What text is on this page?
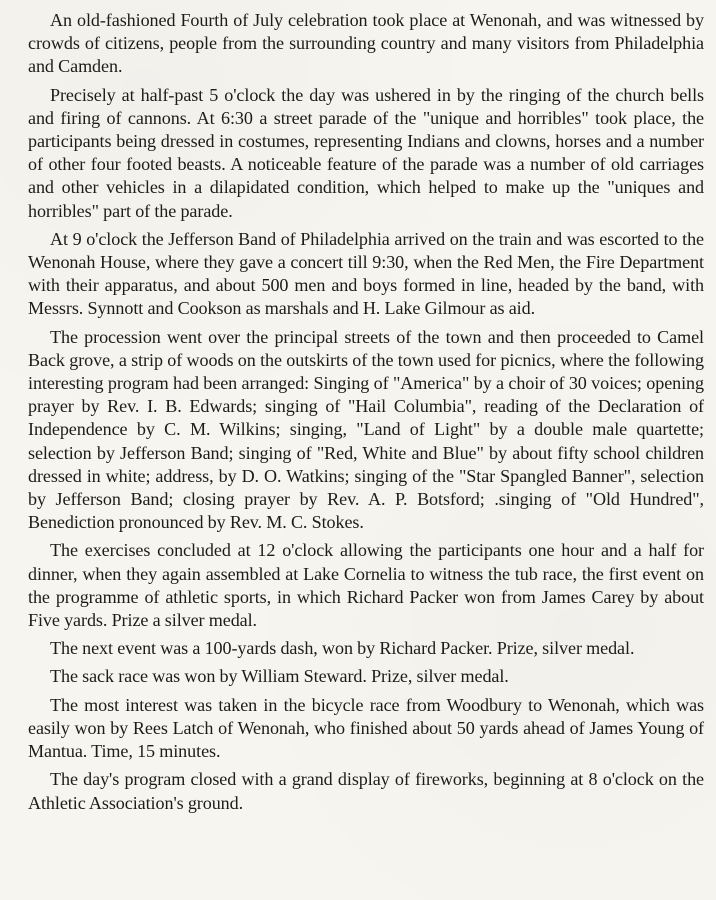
An old-fashioned Fourth of July celebration took place at Wenonah, and was witnessed by crowds of citizens, people from the surrounding country and many visitors from Philadelphia and Camden.

Precisely at half-past 5 o'clock the day was ushered in by the ringing of the church bells and firing of cannons. At 6:30 a street parade of the "unique and horribles" took place, the participants being dressed in costumes, representing Indians and clowns, horses and a number of other four footed beasts. A noticeable feature of the parade was a number of old carriages and other vehicles in a dilapidated condition, which helped to make up the "uniques and horribles" part of the parade.

At 9 o'clock the Jefferson Band of Philadelphia arrived on the train and was escorted to the Wenonah House, where they gave a concert till 9:30, when the Red Men, the Fire Department with their apparatus, and about 500 men and boys formed in line, headed by the band, with Messrs. Synnott and Cookson as marshals and H. Lake Gilmour as aid.

The procession went over the principal streets of the town and then proceeded to Camel Back grove, a strip of woods on the outskirts of the town used for picnics, where the following interesting program had been arranged: Singing of "America" by a choir of 30 voices; opening prayer by Rev. I. B. Edwards; singing of "Hail Columbia", reading of the Declaration of Independence by C. M. Wilkins; singing, "Land of Light" by a double male quartette; selection by Jefferson Band; singing of "Red, White and Blue" by about fifty school children dressed in white; address, by D. O. Watkins; singing of the "Star Spangled Banner", selection by Jefferson Band; closing prayer by Rev. A. P. Botsford; .singing of "Old Hundred", Benediction pronounced by Rev. M. C. Stokes.

The exercises concluded at 12 o'clock allowing the participants one hour and a half for dinner, when they again assembled at Lake Cornelia to witness the tub race, the first event on the programme of athletic sports, in which Richard Packer won from James Carey by about Five yards. Prize a silver medal.

The next event was a 100-yards dash, won by Richard Packer. Prize, silver medal.

The sack race was won by William Steward. Prize, silver medal.

The most interest was taken in the bicycle race from Woodbury to Wenonah, which was easily won by Rees Latch of Wenonah, who finished about 50 yards ahead of James Young of Mantua. Time, 15 minutes.

The day's program closed with a grand display of fireworks, beginning at 8 o'clock on the Athletic Association's ground.
